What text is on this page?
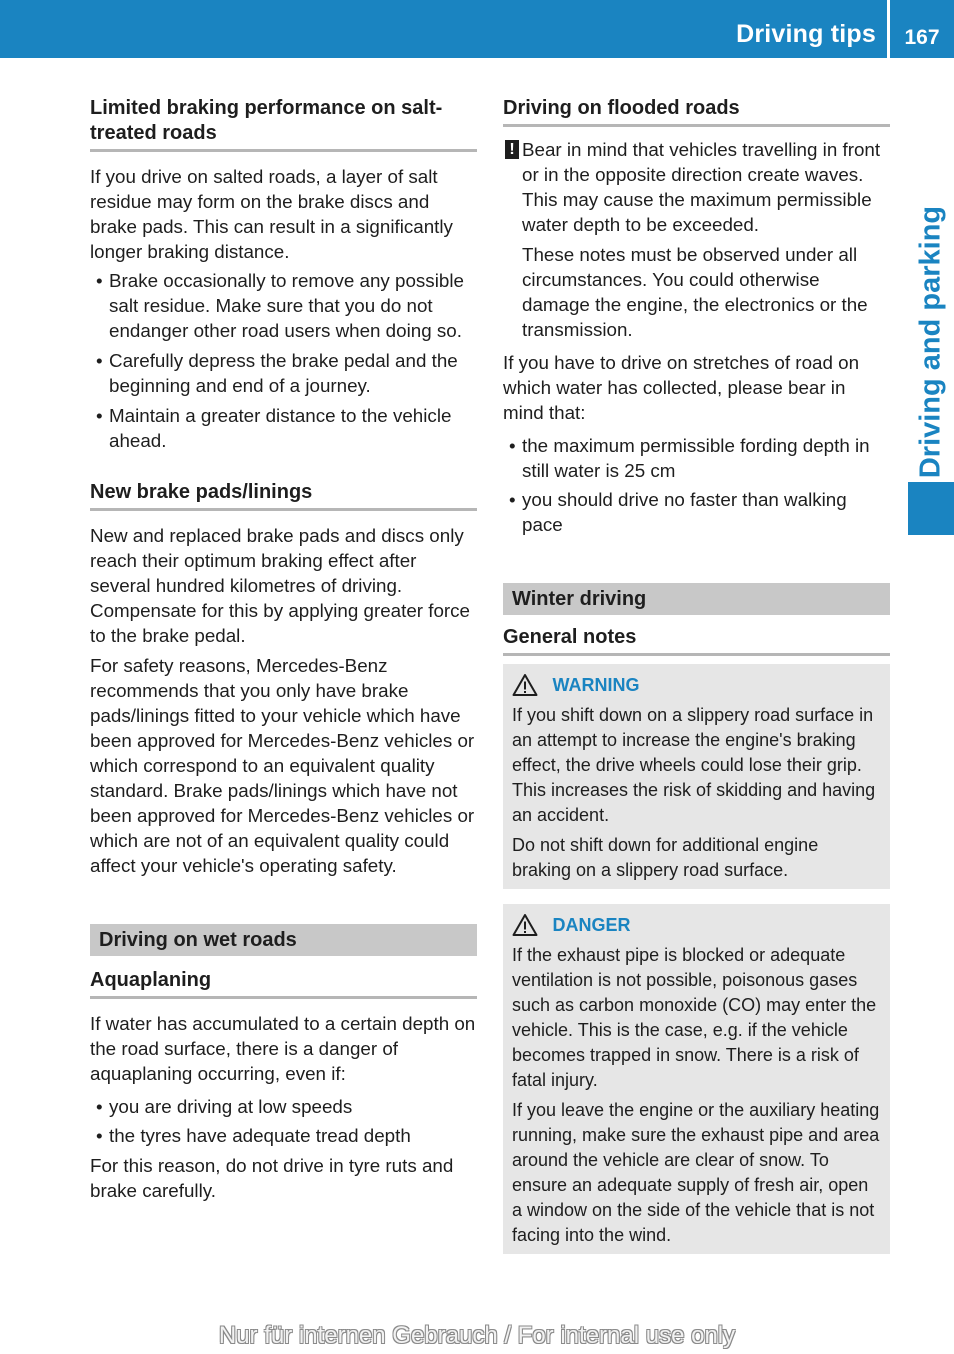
Driving tips	167
Driving and parking
Limited braking performance on salt-treated roads

If you drive on salted roads, a layer of salt residue may form on the brake discs and brake pads. This can result in a significantly longer braking distance.

• Brake occasionally to remove any possible salt residue. Make sure that you do not endanger other road users when doing so.
• Carefully depress the brake pedal and the beginning and end of a journey.
• Maintain a greater distance to the vehicle ahead.
New brake pads/linings

New and replaced brake pads and discs only reach their optimum braking effect after several hundred kilometres of driving. Compensate for this by applying greater force to the brake pedal.

For safety reasons, Mercedes-Benz recommends that you only have brake pads/linings fitted to your vehicle which have been approved for Mercedes-Benz vehicles or which correspond to an equivalent quality standard. Brake pads/linings which have not been approved for Mercedes-Benz vehicles or which are not of an equivalent quality could affect your vehicle's operating safety.

Driving on wet roads
Aquaplaning

If water has accumulated to a certain depth on the road surface, there is a danger of aquaplaning occurring, even if:

• you are driving at low speeds
• the tyres have adequate tread depth

For this reason, do not drive in tyre ruts and brake carefully.

Driving on flooded roads
! Bear in mind that vehicles travelling in front or in the opposite direction create waves. This may cause the maximum permissible water depth to be exceeded.

These notes must be observed under all circumstances. You could otherwise damage the engine, the electronics or the transmission.

If you have to drive on stretches of road on which water has collected, please bear in mind that:

• the maximum permissible fording depth in still water is 25 cm
• you should drive no faster than walking pace
Winter driving
General notes
WARNING

If you shift down on a slippery road surface in an attempt to increase the engine's braking effect, the drive wheels could lose their grip. This increases the risk of skidding and having an accident.

Do not shift down for additional engine braking on a slippery road surface.

DANGER

If the exhaust pipe is blocked or adequate ventilation is not possible, poisonous gases such as carbon monoxide (CO) may enter the vehicle. This is the case, e.g. if the vehicle becomes trapped in snow. There is a risk of fatal injury.

If you leave the engine or the auxiliary heating running, make sure the exhaust pipe and area around the vehicle are clear of snow. To ensure an adequate supply of fresh air, open a window on the side of the vehicle that is not facing into the wind.

Nur für internen Gebrauch / For internal use only
